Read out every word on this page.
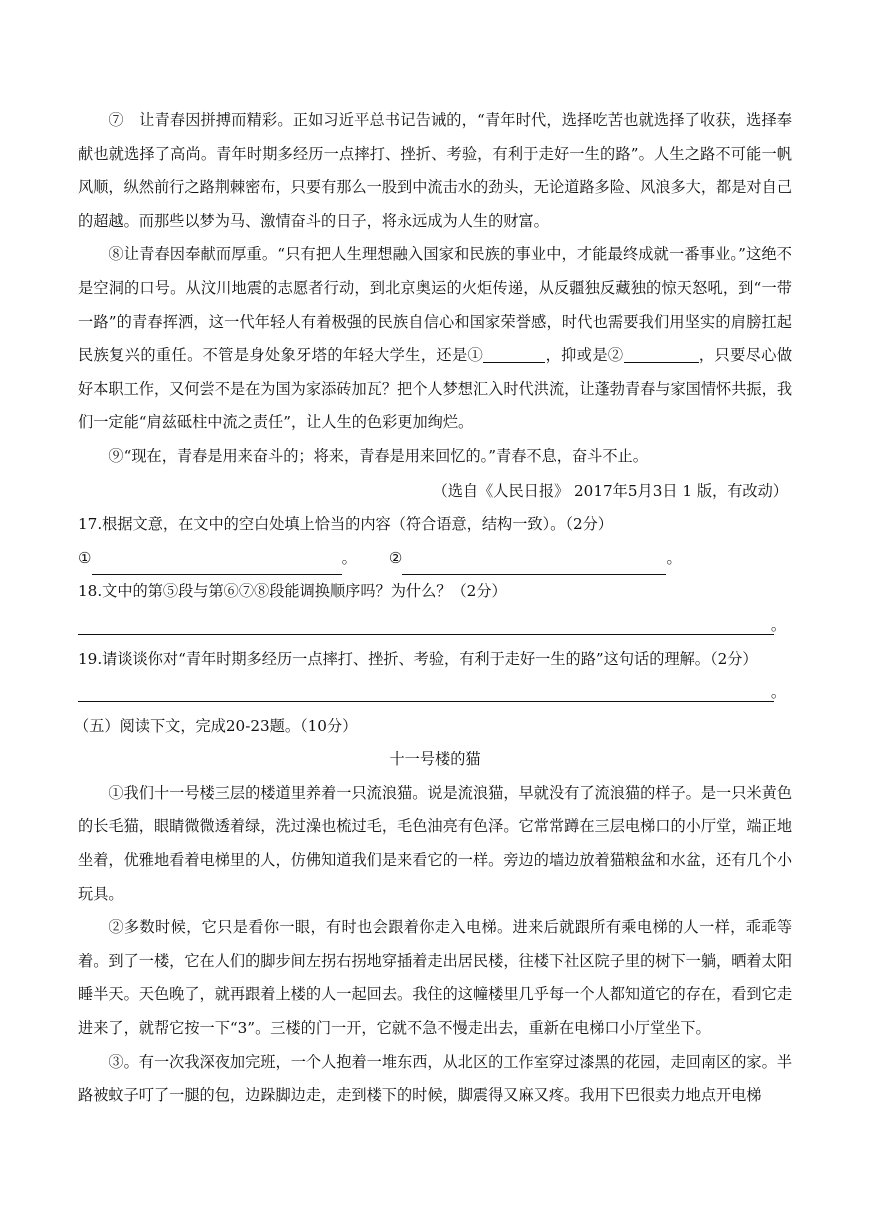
⑦　让青春因拼搏而精彩。正如习近平总书记告诫的，“青年时代，选择吃苦也就选择了收获，选择奉献也就选择了高尚。青年时期多经历一点摔打、挫折、考验，有利于走好一生的路”。人生之路不可能一帆风顺，纵然前行之路荆棘密布，只要有那么一股到中流击水的劲头，无论道路多险、风浪多大，都是对自己的超越。而那些以梦为马、激情奋斗的日子，将永远成为人生的财富。

⑧让青春因奉献而厚重。“只有把人生理想融入国家和民族的事业中，才能最终成就一番事业。”这绝不是空洞的口号。从汶川地震的志愿者行动，到北京奥运的火炬传递，从反疆独反藏独的惊天怒吼，到“一带一路”的青春挥洒，这一代年轻人有着极强的民族自信心和国家荣誉感，时代也需要我们用坚实的肩膀扛起民族复兴的重任。不管是身处象牙塔的年轻大学生，还是①	，抑或是②	，只要尽心做好本职工作，又何尝不是在为国为家添砖加瓦？把个人梦想汇入时代洪流，让蓬勃青春与家国情怀共振，我们一定能“肩兹砥柱中流之责任”，让人生的色彩更加绚烂。

⑨“现在，青春是用来奋斗的；将来，青春是用来回忆的。”青春不息，奋斗不止。

（选自《人民日报》 2017年5月3日 1 版，有改动）

17.根据文意，在文中的空白处填上恰当的内容（符合语意，结构一致）。（2分）

①	。 ②	。

18.文中的第⑤段与第⑥⑦⑧段能调换顺序吗？为什么？（2分）

。

19.请谈谈你对“青年时期多经历一点摔打、挫折、考验，有利于走好一生的路”这句话的理解。（2分）

。

（五）阅读下文，完成20-23题。（10分）

十一号楼的猫

①我们十一号楼三层的楼道里养着一只流浪猫。说是流浪猫，早就没有了流浪猫的样子。是一只米黄色的长毛猫，眼睛微微透着绿，洗过澡也梳过毛，毛色油亮有色泽。它常常蹲在三层电梯口的小厅堂，端正地坐着，优雅地看着电梯里的人，仿佛知道我们是来看它的一样。旁边的墙边放着猫粮盆和水盆，还有几个小玩具。

②多数时候，它只是看你一眼，有时也会跟着你走入电梯。进来后就跟所有乘电梯的人一样，乖乖等着。到了一楼，它在人们的脚步间左拐右拐地穿插着走出居民楼，往楼下社区院子里的树下一躺，晒着太阳睡半天。天色晚了，就再跟着上楼的人一起回去。我住的这幢楼里几乎每一个人都知道它的存在，看到它走进来了，就帮它按一下“3”。三楼的门一开，它就不急不慢走出去，重新在电梯口小厅堂坐下。

③。有一次我深夜加完班，一个人抱着一堆东西，从北区的工作室穿过漆黑的花园，走回南区的家。半路被蚊子叮了一腿的包，边跺脚边走，走到楼下的时候，脚震得又麻又疼。我用下巴很卖力地点开电梯
